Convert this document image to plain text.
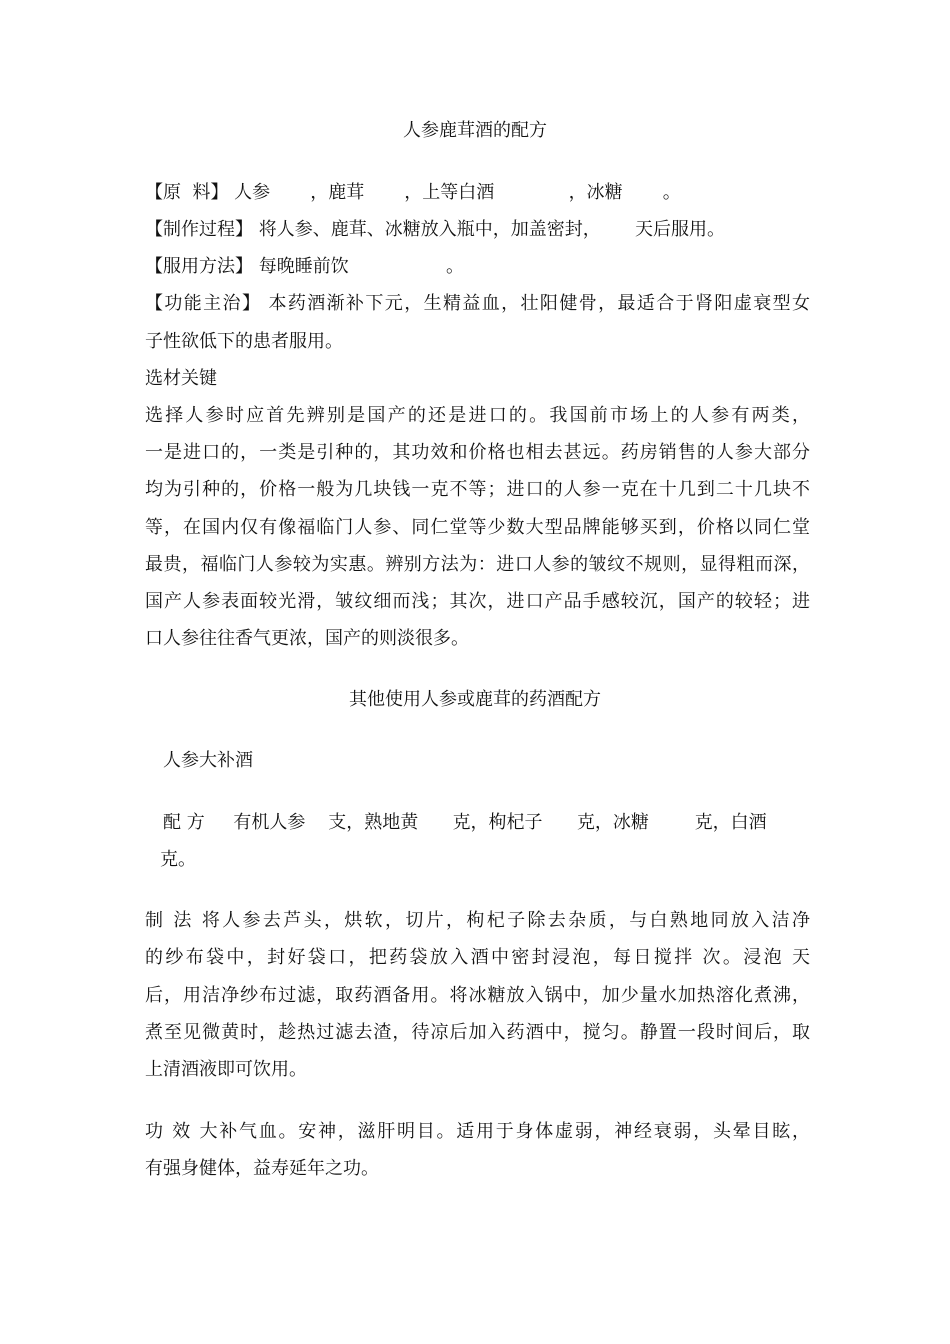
人参鹿茸酒的配方
【原  料】 人参       ，鹿茸       ，上等白酒             ，冰糖       。
【制作过程】 将人参、鹿茸、冰糖放入瓶中，加盖密封，      天后服用。
【服用方法】 每晚睡前饮                 。
【功能主治】 本药酒渐补下元，生精益血，壮阳健骨，最适合于肾阳虚衰型女
子性欲低下的患者服用。
选材关键
选择人参时应首先辨别是国产的还是进口的。我国前市场上的人参有两类，
一是进口的，一类是引种的，其功效和价格也相去甚远。药房销售的人参大部分
均为引种的，价格一般为几块钱一克不等；进口的人参一克在十几到二十几块不
等，在国内仅有像福临门人参、同仁堂等少数大型品牌能够买到，价格以同仁堂
最贵，福临门人参较为实惠。辨别方法为：进口人参的皱纹不规则，显得粗而深，
国产人参表面较光滑，皱纹细而浅；其次，进口产品手感较沉，国产的较轻；进
口人参往往香气更浓，国产的则淡很多。
其他使用人参或鹿茸的药酒配方
人参大补酒
配 方     有机人参    支，熟地黄      克，枸杞子      克，冰糖        克，白酒
克。
制 法 将人参去芦头，烘软，切片，枸杞子除去杂质，与白熟地同放入洁净
的纱布袋中，封好袋口，把药袋放入酒中密封浸泡，每日搅拌 次。浸泡 天
后，用洁净纱布过滤，取药酒备用。将冰糖放入锅中，加少量水加热溶化煮沸，
煮至见微黄时，趁热过滤去渣，待凉后加入药酒中，搅匀。静置一段时间后，取
上清酒液即可饮用。
功 效 大补气血。安神，滋肝明目。适用于身体虚弱，神经衰弱，头晕目眩，
有强身健体，益寿延年之功。
